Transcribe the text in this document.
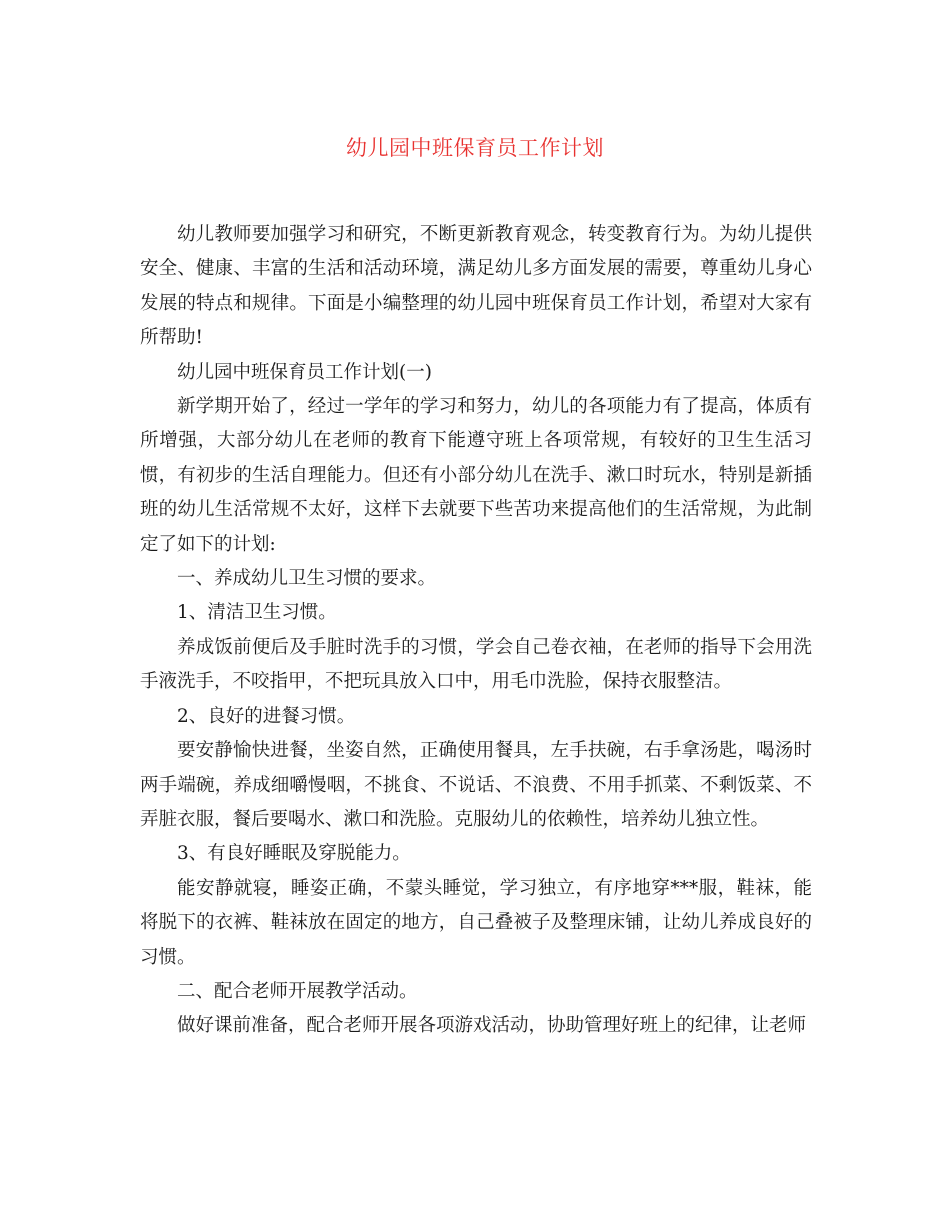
幼儿园中班保育员工作计划

幼儿教师要加强学习和研究，不断更新教育观念，转变教育行为。为幼儿提供安全、健康、丰富的生活和活动环境，满足幼儿多方面发展的需要，尊重幼儿身心发展的特点和规律。下面是小编整理的幼儿园中班保育员工作计划，希望对大家有所帮助!

幼儿园中班保育员工作计划(一)

新学期开始了，经过一学年的学习和努力，幼儿的各项能力有了提高，体质有所增强，大部分幼儿在老师的教育下能遵守班上各项常规，有较好的卫生生活习惯，有初步的生活自理能力。但还有小部分幼儿在洗手、漱口时玩水，特别是新插班的幼儿生活常规不太好，这样下去就要下些苦功来提高他们的生活常规，为此制定了如下的计划:

一、养成幼儿卫生习惯的要求。

1、清洁卫生习惯。

养成饭前便后及手脏时洗手的习惯，学会自己卷衣袖，在老师的指导下会用洗手液洗手，不咬指甲，不把玩具放入口中，用毛巾洗脸，保持衣服整洁。

2、良好的进餐习惯。

要安静愉快进餐，坐姿自然，正确使用餐具，左手扶碗，右手拿汤匙，喝汤时两手端碗，养成细嚼慢咽，不挑食、不说话、不浪费、不用手抓菜、不剩饭菜、不弄脏衣服，餐后要喝水、漱口和洗脸。克服幼儿的依赖性，培养幼儿独立性。

3、有良好睡眠及穿脱能力。

能安静就寝，睡姿正确，不蒙头睡觉，学习独立，有序地穿***服，鞋袜，能将脱下的衣裤、鞋袜放在固定的地方，自己叠被子及整理床铺，让幼儿养成良好的习惯。

二、配合老师开展教学活动。

做好课前准备，配合老师开展各项游戏活动，协助管理好班上的纪律，让老师
